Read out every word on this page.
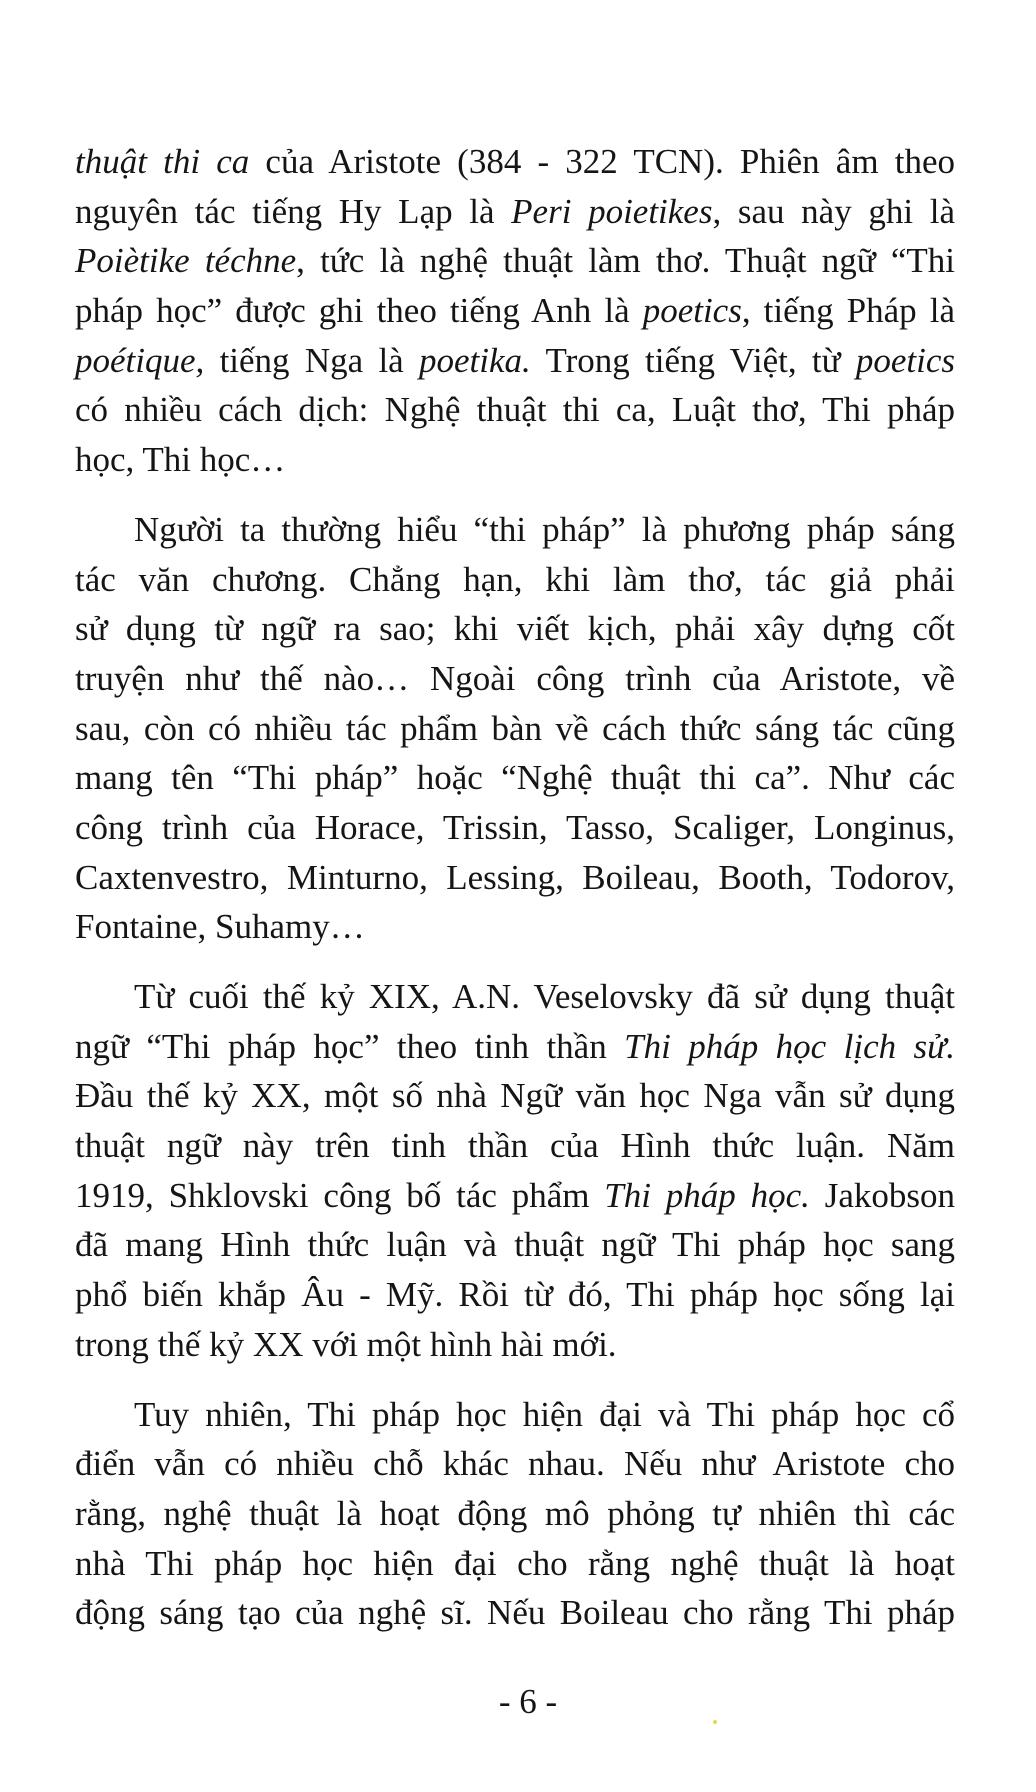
thuật thi ca của Aristote (384 - 322 TCN). Phiên âm theo
nguyên tác tiếng Hy Lạp là Peri poietikes, sau này ghi là
Poiètike téchne, tức là nghệ thuật làm thơ. Thuật ngữ “Thi
pháp học” được ghi theo tiếng Anh là poetics, tiếng Pháp là
poétique, tiếng Nga là poetika. Trong tiếng Việt, từ poetics
có nhiều cách dịch: Nghệ thuật thi ca, Luật thơ, Thi pháp
học, Thi học…
Người ta thường hiểu “thi pháp” là phương pháp sáng
tác văn chương. Chẳng hạn, khi làm thơ, tác giả phải
sử dụng từ ngữ ra sao; khi viết kịch, phải xây dựng cốt
truyện như thế nào… Ngoài công trình của Aristote, về
sau, còn có nhiều tác phẩm bàn về cách thức sáng tác cũng
mang tên “Thi pháp” hoặc “Nghệ thuật thi ca”. Như các
công trình của Horace, Trissin, Tasso, Scaliger, Longinus,
Caxtenvestro, Minturno, Lessing, Boileau, Booth, Todorov,
Fontaine, Suhamy…
Từ cuối thế kỷ XIX, A.N. Veselovsky đã sử dụng thuật
ngữ “Thi pháp học” theo tinh thần Thi pháp học lịch sử.
Đầu thế kỷ XX, một số nhà Ngữ văn học Nga vẫn sử dụng
thuật ngữ này trên tinh thần của Hình thức luận. Năm
1919, Shklovski công bố tác phẩm Thi pháp học. Jakobson
đã mang Hình thức luận và thuật ngữ Thi pháp học sang
phổ biến khắp Âu - Mỹ. Rồi từ đó, Thi pháp học sống lại
trong thế kỷ XX với một hình hài mới.
Tuy nhiên, Thi pháp học hiện đại và Thi pháp học cổ
điển vẫn có nhiều chỗ khác nhau. Nếu như Aristote cho
rằng, nghệ thuật là hoạt động mô phỏng tự nhiên thì các
nhà Thi pháp học hiện đại cho rằng nghệ thuật là hoạt
động sáng tạo của nghệ sĩ. Nếu Boileau cho rằng Thi pháp
- 6 -
